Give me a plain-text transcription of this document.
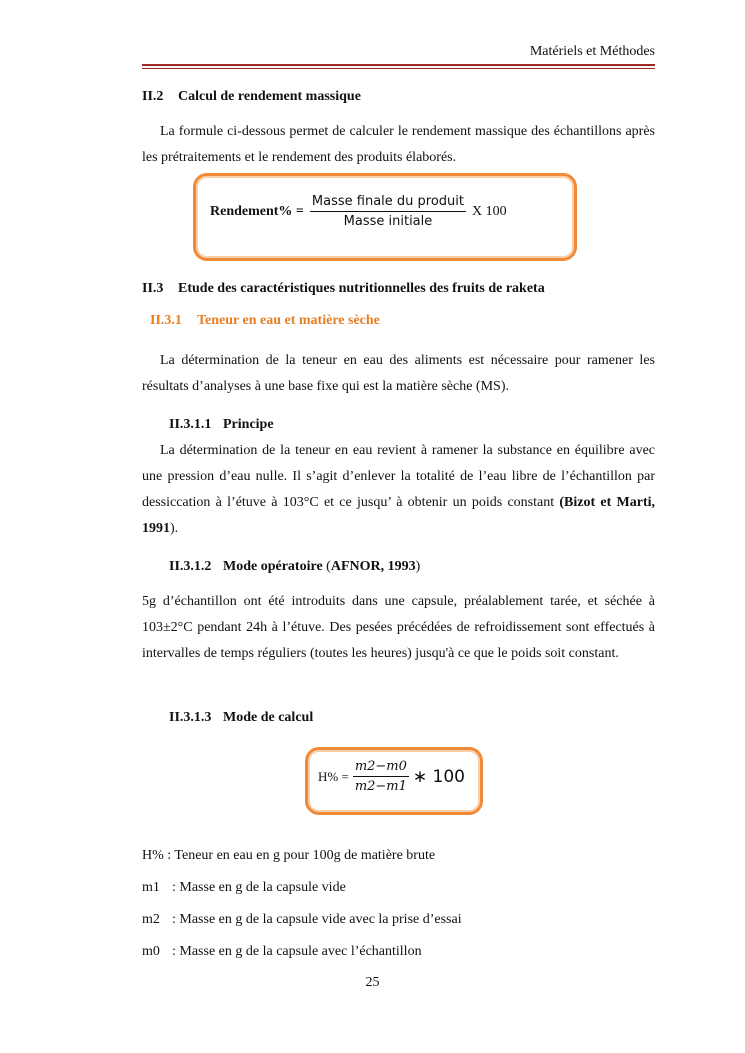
Matériels et Méthodes
II.2 Calcul de rendement massique
La formule ci-dessous permet de calculer le rendement massique des échantillons après les prétraitements et le rendement des produits élaborés.
Rendement% = $\frac{\text{Masse finale du produit}}{\text{Masse initiale}}$ X 100
II.3 Etude des caractéristiques nutritionnelles des fruits de raketa
II.3.1 Teneur en eau et matière sèche
La détermination de la teneur en eau des aliments est nécessaire pour ramener les résultats d’analyses à une base fixe qui est la matière sèche (MS).
II.3.1.1 Principe
La détermination de la teneur en eau revient à ramener la substance en équilibre avec une pression d’eau nulle. Il s’agit d’enlever la totalité de l’eau libre de l’échantillon par dessiccation à l’étuve à 103°C et ce jusqu’ à obtenir un poids constant (Bizot et Marti, 1991).
II.3.1.2 Mode opératoire (AFNOR, 1993)
5g d’échantillon ont été introduits dans une capsule, préalablement tarée, et séchée à 103±2°C pendant 24h à l’étuve. Des pesées précédées de refroidissement sont effectués à intervalles de temps réguliers (toutes les heures) jusqu'à ce que le poids soit constant.
II.3.1.3 Mode de calcul
$H\% = \frac{m2-m0}{m2-m1}$ ∗ 100
H% : Teneur en eau en g pour 100g de matière brute
m1 : Masse en g de la capsule vide
m2 : Masse en g de la capsule vide avec la prise d’essai
m0 : Masse en g de la capsule avec l’échantillon
25
